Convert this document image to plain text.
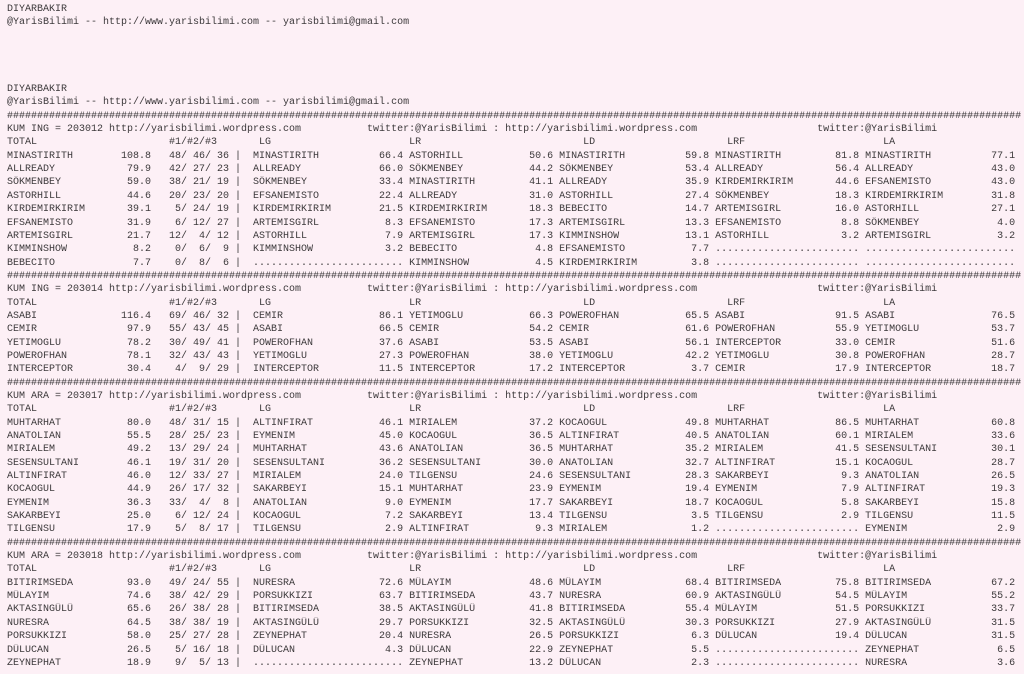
DIYARBAKIR
@YarisBilimi -- http://www.yarisbilimi.com -- yarisbilimi@gmail.com
DIYARBAKIR
@YarisBilimi -- http://www.yarisbilimi.com -- yarisbilimi@gmail.com
#########################################################################################################################################################################
KUM ING = 203012 http://yarisbilimi.wordpress.com           twitter:@YarisBilimi : http://yarisbilimi.wordpress.com                    twitter:@YarisBilimi
TOTAL                      #1/#2/#3       LG                       LR                           LD                      LRF                       LA
MINASTIRITH        108.8   48/ 46/ 36 |  MINASTIRITH          66.4 ASTORHILL           50.6 MINASTIRITH          59.8 MINASTIRITH         81.8 MINASTIRITH          77.1
ALLREADY            79.9   42/ 27/ 23 |  ALLREADY             66.0 SÖKMENBEY           44.2 SÖKMENBEY            53.4 ALLREADY            56.4 ALLREADY             43.0
SÖKMENBEY           59.0   38/ 21/ 19 |  SÖKMENBEY            33.4 MINASTIRITH         41.1 ALLREADY             35.9 KIRDEMIRKIRIM       44.6 EFSANEMISTO          43.0
ASTORHILL           44.6   20/ 23/ 20 |  EFSANEMISTO          22.4 ALLREADY            31.0 ASTORHILL            27.4 SÖKMENBEY           18.3 KIRDEMIRKIRIM        31.8
KIRDEMIRKIRIM       39.1    5/ 24/ 19 |  KIRDEMIRKIRIM        21.5 KIRDEMIRKIRIM       18.3 BEBECITO             14.7 ARTEMISGIRL         16.0 ASTORHILL            27.1
EFSANEMISTO         31.9    6/ 12/ 27 |  ARTEMISGIRL           8.3 EFSANEMISTO         17.3 ARTEMISGIRL          13.3 EFSANEMISTO          8.8 SÖKMENBEY             4.0
ARTEMISGIRL         21.7   12/  4/ 12 |  ASTORHILL             7.9 ARTEMISGIRL         17.3 KIMMINSHOW           13.1 ASTORHILL            3.2 ARTEMISGIRL           3.2
KIMMINSHOW           8.2    0/  6/  9 |  KIMMINSHOW            3.2 BEBECITO             4.8 EFSANEMISTO           7.7 ........................ .........................
BEBECITO             7.7    0/  8/  6 |  ......................... KIMMINSHOW           4.5 KIRDEMIRKIRIM         3.8 ........................ .........................
#########################################################################################################################################################################
KUM ING = 203014 http://yarisbilimi.wordpress.com           twitter:@YarisBilimi : http://yarisbilimi.wordpress.com                    twitter:@YarisBilimi
TOTAL                      #1/#2/#3       LG                       LR                           LD                      LRF                       LA
ASABI              116.4   69/ 46/ 32 |  CEMIR                86.1 YETIMOGLU           66.3 POWEROFHAN           65.5 ASABI               91.5 ASABI                76.5
CEMIR               97.9   55/ 43/ 45 |  ASABI                66.5 CEMIR               54.2 CEMIR                61.6 POWEROFHAN          55.9 YETIMOGLU            53.7
YETIMOGLU           78.2   30/ 49/ 41 |  POWEROFHAN           37.6 ASABI               53.5 ASABI                56.1 INTERCEPTOR         33.0 CEMIR                51.6
POWEROFHAN          78.1   32/ 43/ 43 |  YETIMOGLU            27.3 POWEROFHAN          38.0 YETIMOGLU            42.2 YETIMOGLU           30.8 POWEROFHAN           28.7
INTERCEPTOR         30.4    4/  9/ 29 |  INTERCEPTOR          11.5 INTERCEPTOR         17.2 INTERCEPTOR           3.7 CEMIR               17.9 INTERCEPTOR          18.7
#########################################################################################################################################################################
KUM ARA = 203017 http://yarisbilimi.wordpress.com           twitter:@YarisBilimi : http://yarisbilimi.wordpress.com                    twitter:@YarisBilimi
TOTAL                      #1/#2/#3       LG                       LR                           LD                      LRF                       LA
MUHTARHAT           80.0   48/ 31/ 15 |  ALTINFIRAT           46.1 MIRIALEM            37.2 KOCAOGUL             49.8 MUHTARHAT           86.5 MUHTARHAT            60.8
ANATOLIAN           55.5   28/ 25/ 23 |  EYMENIM              45.0 KOCAOGUL            36.5 ALTINFIRAT           40.5 ANATOLIAN           60.1 MIRIALEM             33.6
MIRIALEM            49.2   13/ 29/ 24 |  MUHTARHAT            43.6 ANATOLIAN           36.5 MUHTARHAT            35.2 MIRIALEM            41.5 SESENSULTANI         30.1
SESENSULTANI        46.1   19/ 31/ 20 |  SESENSULTANI         36.2 SESENSULTANI        30.0 ANATOLIAN            32.7 ALTINFIRAT          15.1 KOCAOGUL             28.7
ALTINFIRAT          46.0   12/ 33/ 27 |  MIRIALEM             24.0 TILGENSU            24.6 SESENSULTANI         28.3 SAKARBEYI            9.3 ANATOLIAN            26.5
KOCAOGUL            44.9   26/ 17/ 32 |  SAKARBEYI            15.1 MUHTARHAT           23.9 EYMENIM              19.4 EYMENIM              7.9 ALTINFIRAT           19.3
EYMENIM             36.3   33/  4/  8 |  ANATOLIAN             9.0 EYMENIM             17.7 SAKARBEYI            18.7 KOCAOGUL             5.8 SAKARBEYI            15.8
SAKARBEYI           25.0    6/ 12/ 24 |  KOCAOGUL              7.2 SAKARBEYI           13.4 TILGENSU              3.5 TILGENSU             2.9 TILGENSU             11.5
TILGENSU            17.9    5/  8/ 17 |  TILGENSU              2.9 ALTINFIRAT           9.3 MIRIALEM              1.2 ........................ EYMENIM               2.9
#########################################################################################################################################################################
KUM ARA = 203018 http://yarisbilimi.wordpress.com           twitter:@YarisBilimi : http://yarisbilimi.wordpress.com                    twitter:@YarisBilimi
TOTAL                      #1/#2/#3       LG                       LR                           LD                      LRF                       LA
BITIRIMSEDA         93.0   49/ 24/ 55 |  NURESRA              72.6 MÜLAYIM             48.6 MÜLAYIM              68.4 BITIRIMSEDA         75.8 BITIRIMSEDA          67.2
MÜLAYIM             74.6   38/ 42/ 29 |  PORSUKKIZI           63.7 BITIRIMSEDA         43.7 NURESRA              60.9 AKTASINGÜLÜ         54.5 MÜLAYIM              55.2
AKTASINGÜLÜ         65.6   26/ 38/ 28 |  BITIRIMSEDA          38.5 AKTASINGÜLÜ         41.8 BITIRIMSEDA          55.4 MÜLAYIM             51.5 PORSUKKIZI           33.7
NURESRA             64.5   38/ 38/ 19 |  AKTASINGÜLÜ          29.7 PORSUKKIZI          32.5 AKTASINGÜLÜ          30.3 PORSUKKIZI          27.9 AKTASINGÜLÜ          31.5
PORSUKKIZI          58.0   25/ 27/ 28 |  ZEYNEPHAT            20.4 NURESRA             26.5 PORSUKKIZI            6.3 DÜLUCAN             19.4 DÜLUCAN              31.5
DÜLUCAN             26.5    5/ 16/ 18 |  DÜLUCAN               4.3 DÜLUCAN             22.9 ZEYNEPHAT             5.5 ........................ ZEYNEPHAT             6.5
ZEYNEPHAT           18.9    9/  5/ 13 |  ......................... ZEYNEPHAT           13.2 DÜLUCAN               2.3 ........................ NURESRA               3.6
